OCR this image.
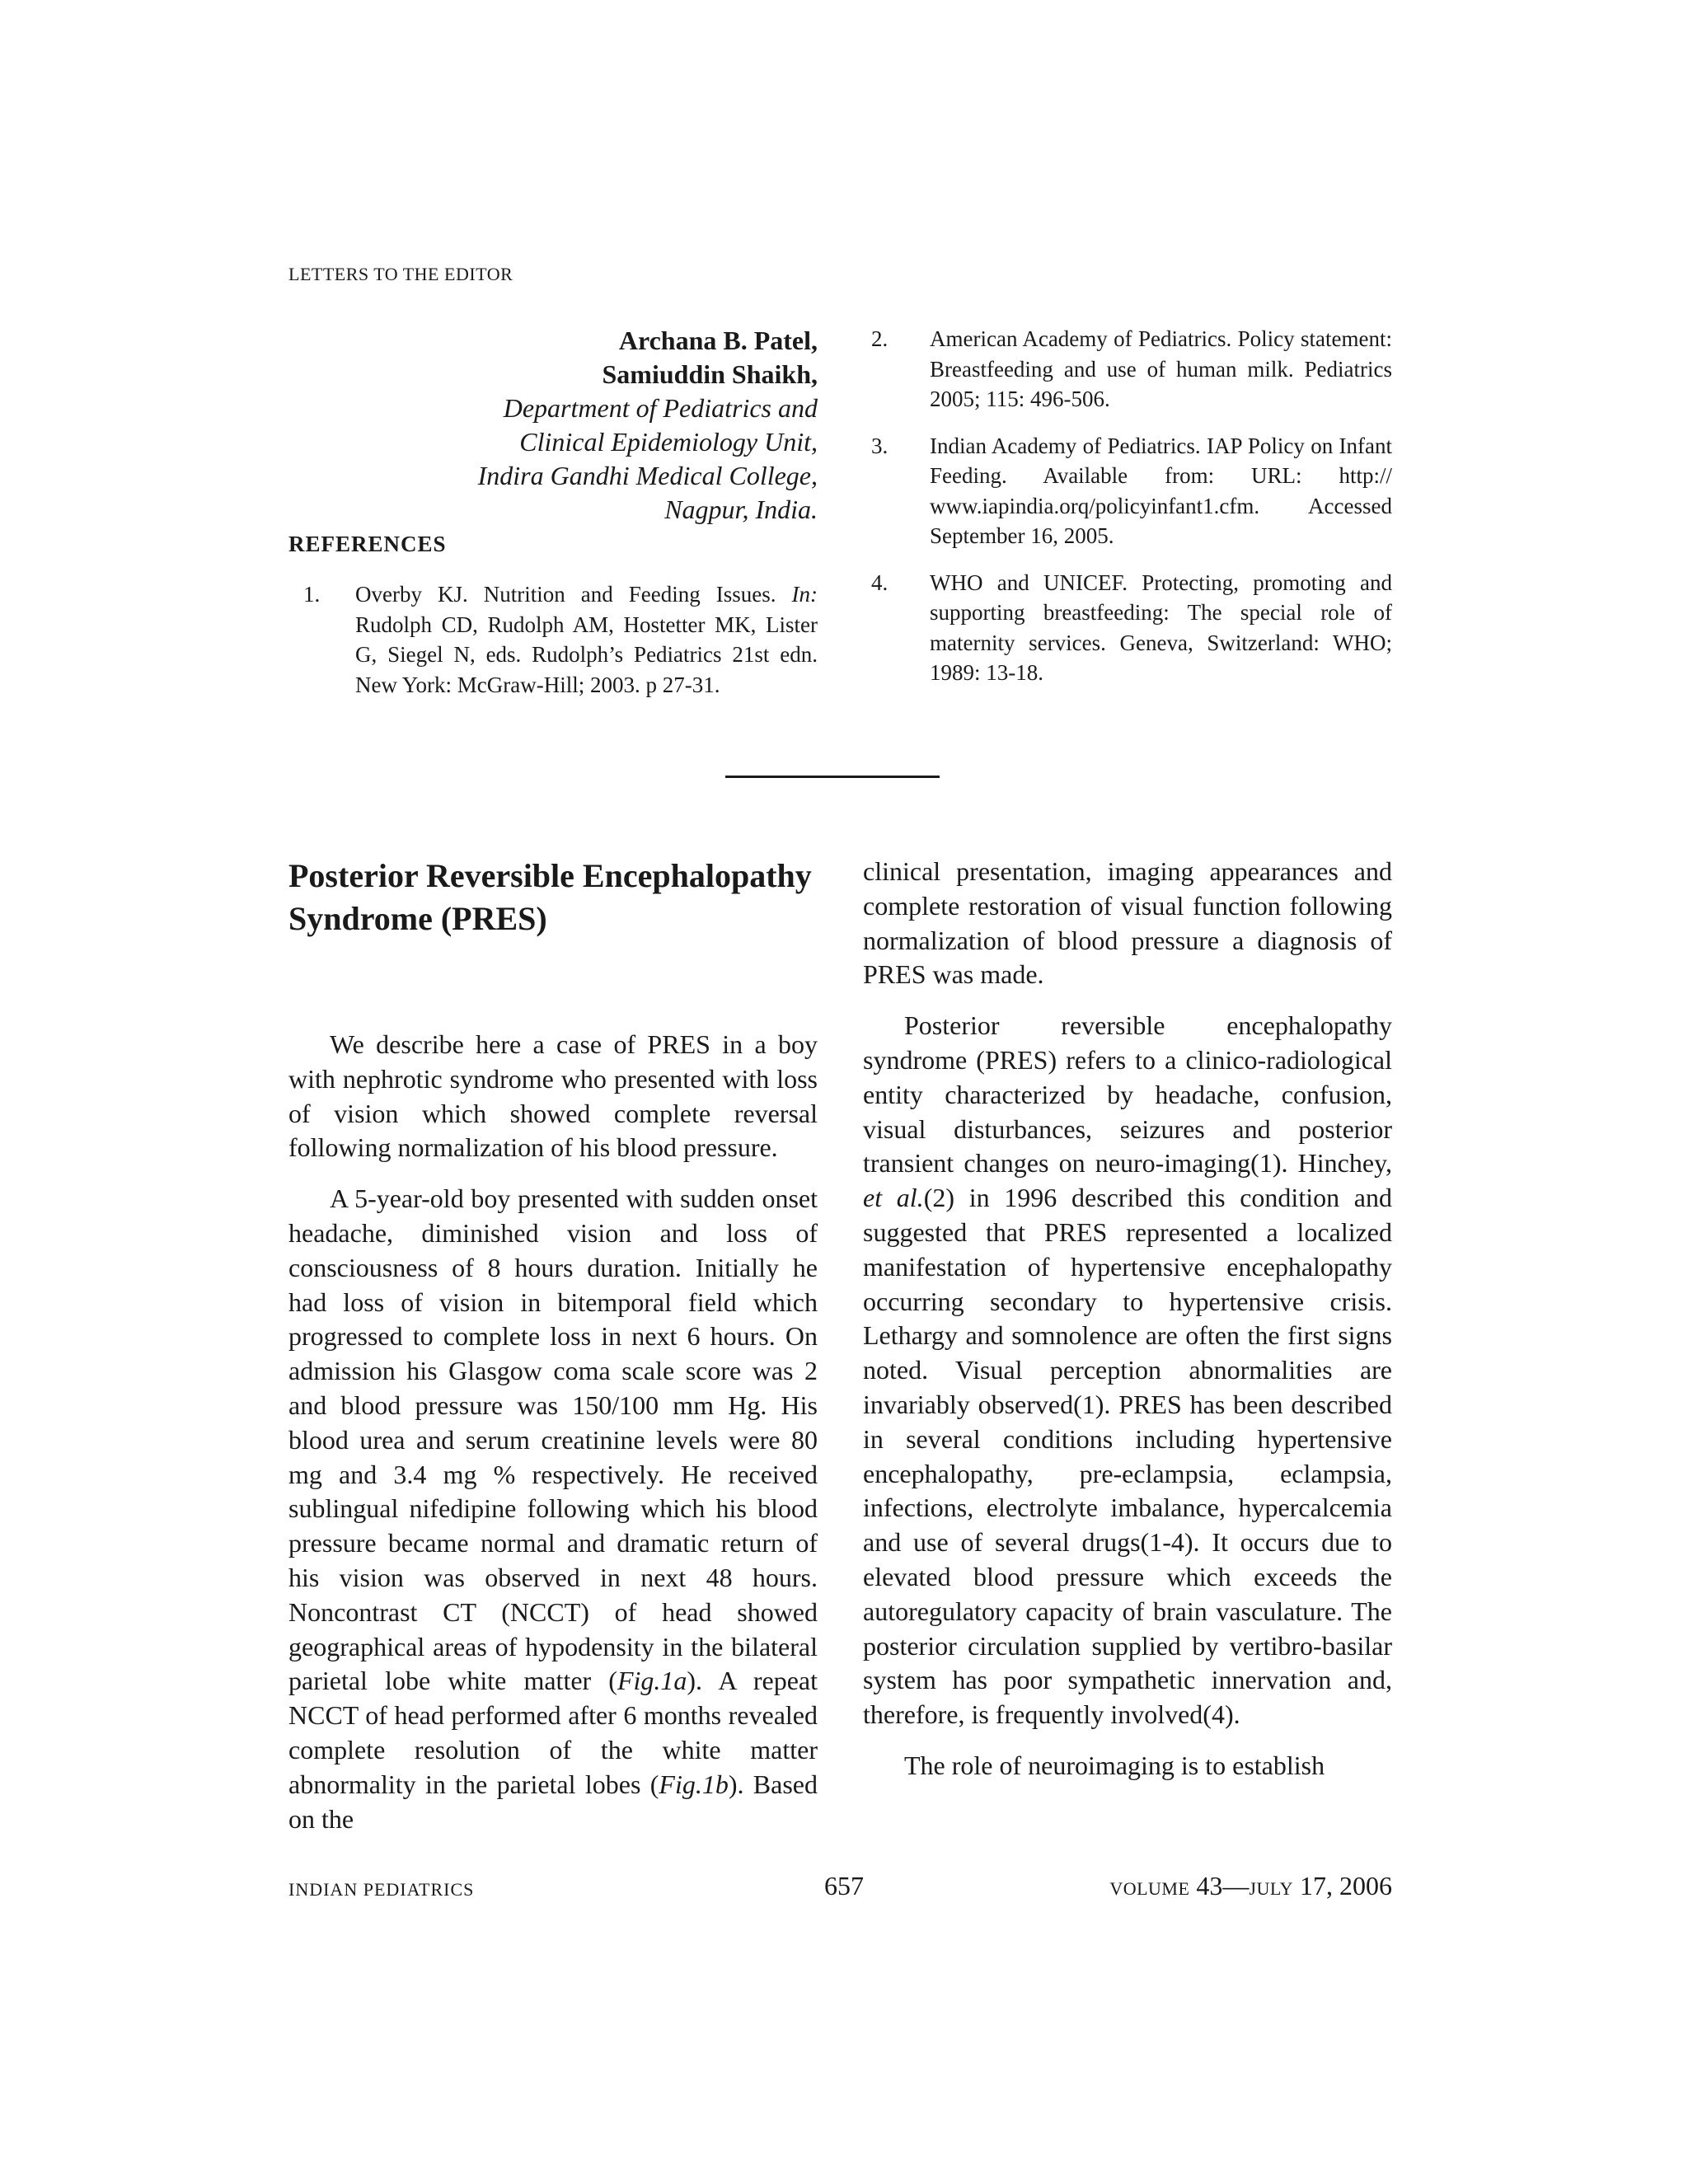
LETTERS TO THE EDITOR
Archana B. Patel,
Samiuddin Shaikh,
Department of Pediatrics and
Clinical Epidemiology Unit,
Indira Gandhi Medical College,
Nagpur, India.
REFERENCES
1. Overby KJ. Nutrition and Feeding Issues. In: Rudolph CD, Rudolph AM, Hostetter MK, Lister G, Siegel N, eds. Rudolph’s Pediatrics 21st edn. New York: McGraw-Hill; 2003. p 27-31.
2. American Academy of Pediatrics. Policy statement: Breastfeeding and use of human milk. Pediatrics 2005; 115: 496-506.
3. Indian Academy of Pediatrics. IAP Policy on Infant Feeding. Available from: URL: http:// www.iapindia.orq/policyinfant1.cfm. Accessed September 16, 2005.
4. WHO and UNICEF. Protecting, promoting and supporting breastfeeding: The special role of maternity services. Geneva, Switzerland: WHO; 1989: 13-18.
Posterior Reversible Encephalopathy Syndrome (PRES)

We describe here a case of PRES in a boy with nephrotic syndrome who presented with loss of vision which showed complete reversal following normalization of his blood pressure.

A 5-year-old boy presented with sudden onset headache, diminished vision and loss of consciousness of 8 hours duration. Initially he had loss of vision in bitemporal field which progressed to complete loss in next 6 hours. On admission his Glasgow coma scale score was 2 and blood pressure was 150/100 mm Hg. His blood urea and serum creatinine levels were 80 mg and 3.4 mg % respectively. He received sublingual nifedipine following which his blood pressure became normal and dramatic return of his vision was observed in next 48 hours. Noncontrast CT (NCCT) of head showed geographical areas of hypodensity in the bilateral parietal lobe white matter (Fig.1a). A repeat NCCT of head performed after 6 months revealed complete resolution of the white matter abnormality in the parietal lobes (Fig.1b). Based on the

clinical presentation, imaging appearances and complete restoration of visual function following normalization of blood pressure a diagnosis of PRES was made.

Posterior reversible encephalopathy syndrome (PRES) refers to a clinico-radiological entity characterized by headache, confusion, visual disturbances, seizures and posterior transient changes on neuro-imaging(1). Hinchey, et al.(2) in 1996 described this condition and suggested that PRES represented a localized manifestation of hypertensive encephalopathy occurring secondary to hypertensive crisis. Lethargy and somnolence are often the first signs noted. Visual perception abnormalities are invariably observed(1). PRES has been described in several conditions including hypertensive encephalopathy, pre-eclampsia, eclampsia, infections, electrolyte imbalance, hypercalcemia and use of several drugs(1-4). It occurs due to elevated blood pressure which exceeds the autoregulatory capacity of brain vasculature. The posterior circulation supplied by vertibro-basilar system has poor sympathetic innervation and, therefore, is frequently involved(4).

The role of neuroimaging is to establish

INDIAN PEDIATRICS	657	VOLUME 43—JULY 17, 2006
